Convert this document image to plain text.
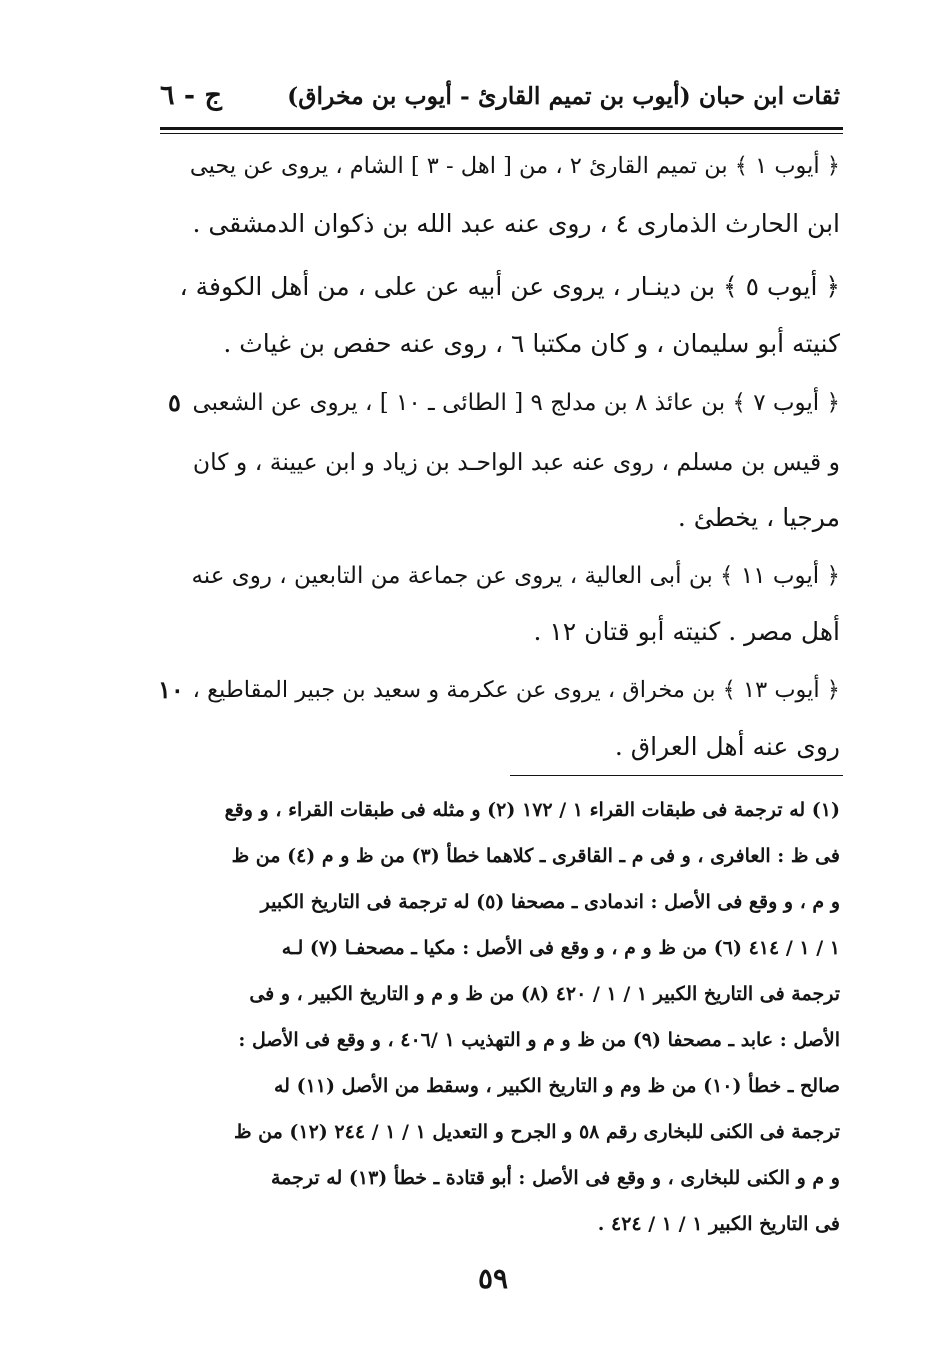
ثقات ابن حبان (أيوب بن تميم القارئ - أيوب بن مخراق)
ج - ٦
﴿ أيوب ١ ﴾ بن تميم القارئ ٢ ، من [ اهل - ٣ ] الشام ، يروى عن يحيى
ابن الحارث الذمارى ٤ ، روى عنه عبد الله بن ذكوان الدمشقى .
﴿ أيوب ٥ ﴾ بن دينـار ، يروى عن أبيه عن على ، من أهل الكوفة ،
كنيته أبو سليمان ، و كان مكتبا ٦ ، روى عنه حفص بن غياث .
﴿ أيوب ٧ ﴾ بن عائذ ٨ بن مدلج ٩ [ الطائى ـ ١٠ ] ، يروى عن الشعبى
و قيس بن مسلم ، روى عنه عبد الواحـد بن زياد و ابن عيينة ، و كان
مرجيا ، يخطئ .
﴿ أيوب ١١ ﴾ بن أبى العالية ، يروى عن جماعة من التابعين ، روى عنه
أهل مصر . كنيته أبو قتان ١٢ .
﴿ أيوب ١٣ ﴾ بن مخراق ، يروى عن عكرمة و سعيد بن جبير المقاطيع ،
روى عنه أهل العراق .
٥
١٠
(١) له ترجمة فى طبقات القراء ١ / ١٧٢ (٢) و مثله فى طبقات القراء ، و وقع
فى ظ : العافرى ، و فى م ـ القاقرى ـ كلاهما خطأ (٣) من ظ و م (٤) من ظ
و م ، و وقع فى الأصل : اندمادى ـ مصحفا (٥) له ترجمة فى التاريخ الكبير
١ / ١ / ٤١٤ (٦) من ظ و م ، و وقع فى الأصل : مكيا ـ مصحفـا (٧) لـه
ترجمة فى التاريخ الكبير ١ / ١ / ٤٢٠ (٨) من ظ و م و التاريخ الكبير ، و فى
الأصل : عابد ـ مصحفا (٩) من ظ و م و التهذيب ١ /٤٠٦ ، و وقع فى الأصل :
صالح ـ خطأ (١٠) من ظ وم و التاريخ الكبير ، وسقط من الأصل (١١) له
ترجمة فى الكنى للبخارى رقم ٥٨ و الجرح و التعديل ١ / ١ / ٢٤٤ (١٢) من ظ
و م و الكنى للبخارى ، و وقع فى الأصل : أبو قتادة ـ خطأ (١٣) له ترجمة
فى التاريخ الكبير ١ / ١ / ٤٢٤ .
٥٩
